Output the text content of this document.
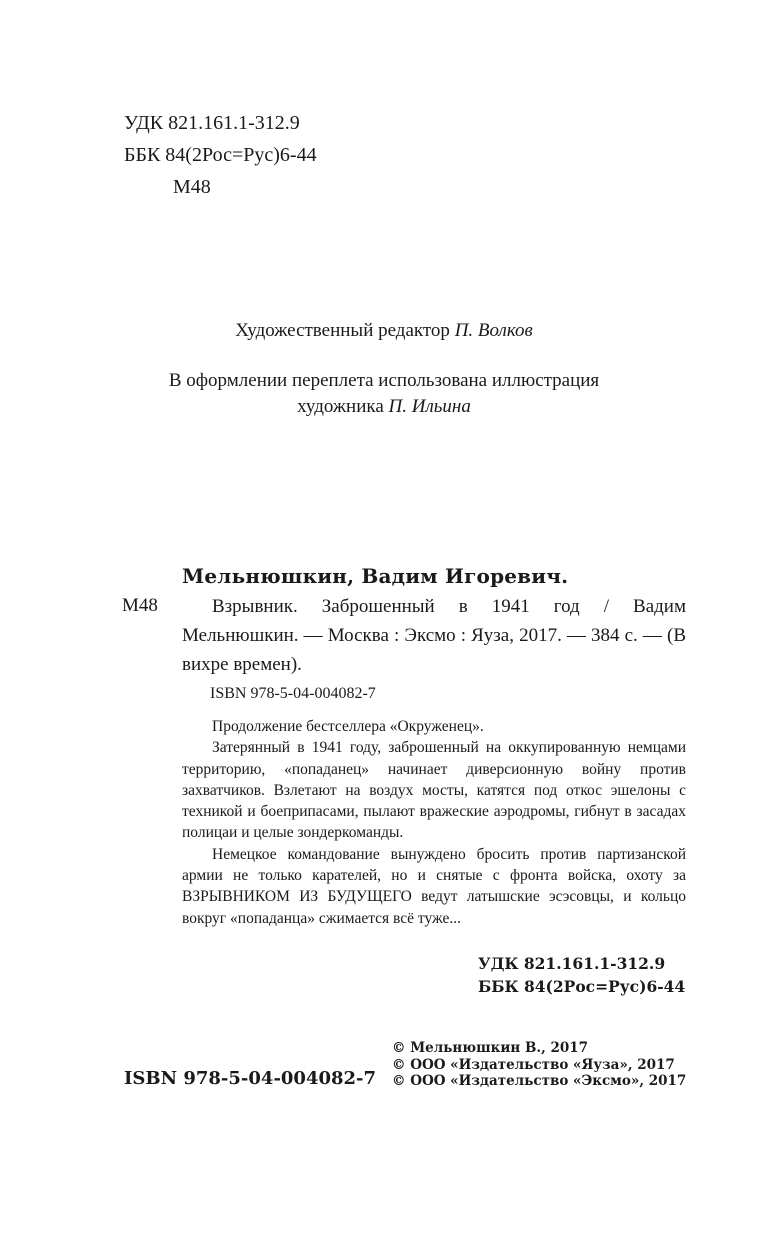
УДК 821.161.1-312.9
ББК 84(2Рос=Рус)6-44
М48
Художественный редактор П. Волков
В оформлении переплета использована иллюстрация
художника П. Ильина
Мельнюшкин, Вадим Игоревич.
М48	Взрывник. Заброшенный в 1941 год / Вадим Мельнюшкин. — Москва : Эксмо : Яуза, 2017. — 384 с. — (В вихре времен).
ISBN 978-5-04-004082-7

Продолжение бестселлера «Окруженец».

Затерянный в 1941 году, заброшенный на оккупированную немцами территорию, «попаданец» начинает диверсионную войну против захватчиков. Взлетают на воздух мосты, катятся под откос эшелоны с техникой и боеприпасами, пылают вражеские аэродромы, гибнут в засадах полицаи и целые зондеркоманды.

Немецкое командование вынуждено бросить против партизанской армии не только карателей, но и снятые с фронта войска, охоту за ВЗРЫВНИКОМ ИЗ БУДУЩЕГО ведут латышские эсэсовцы, и кольцо вокруг «попаданца» сжимается всё туже...

УДК 821.161.1-312.9
ББК 84(2Рос=Рус)6-44
ISBN 978-5-04-004082-7
© Мельнюшкин В., 2017
© ООО «Издательство «Яуза», 2017
© ООО «Издательство «Эксмо», 2017
